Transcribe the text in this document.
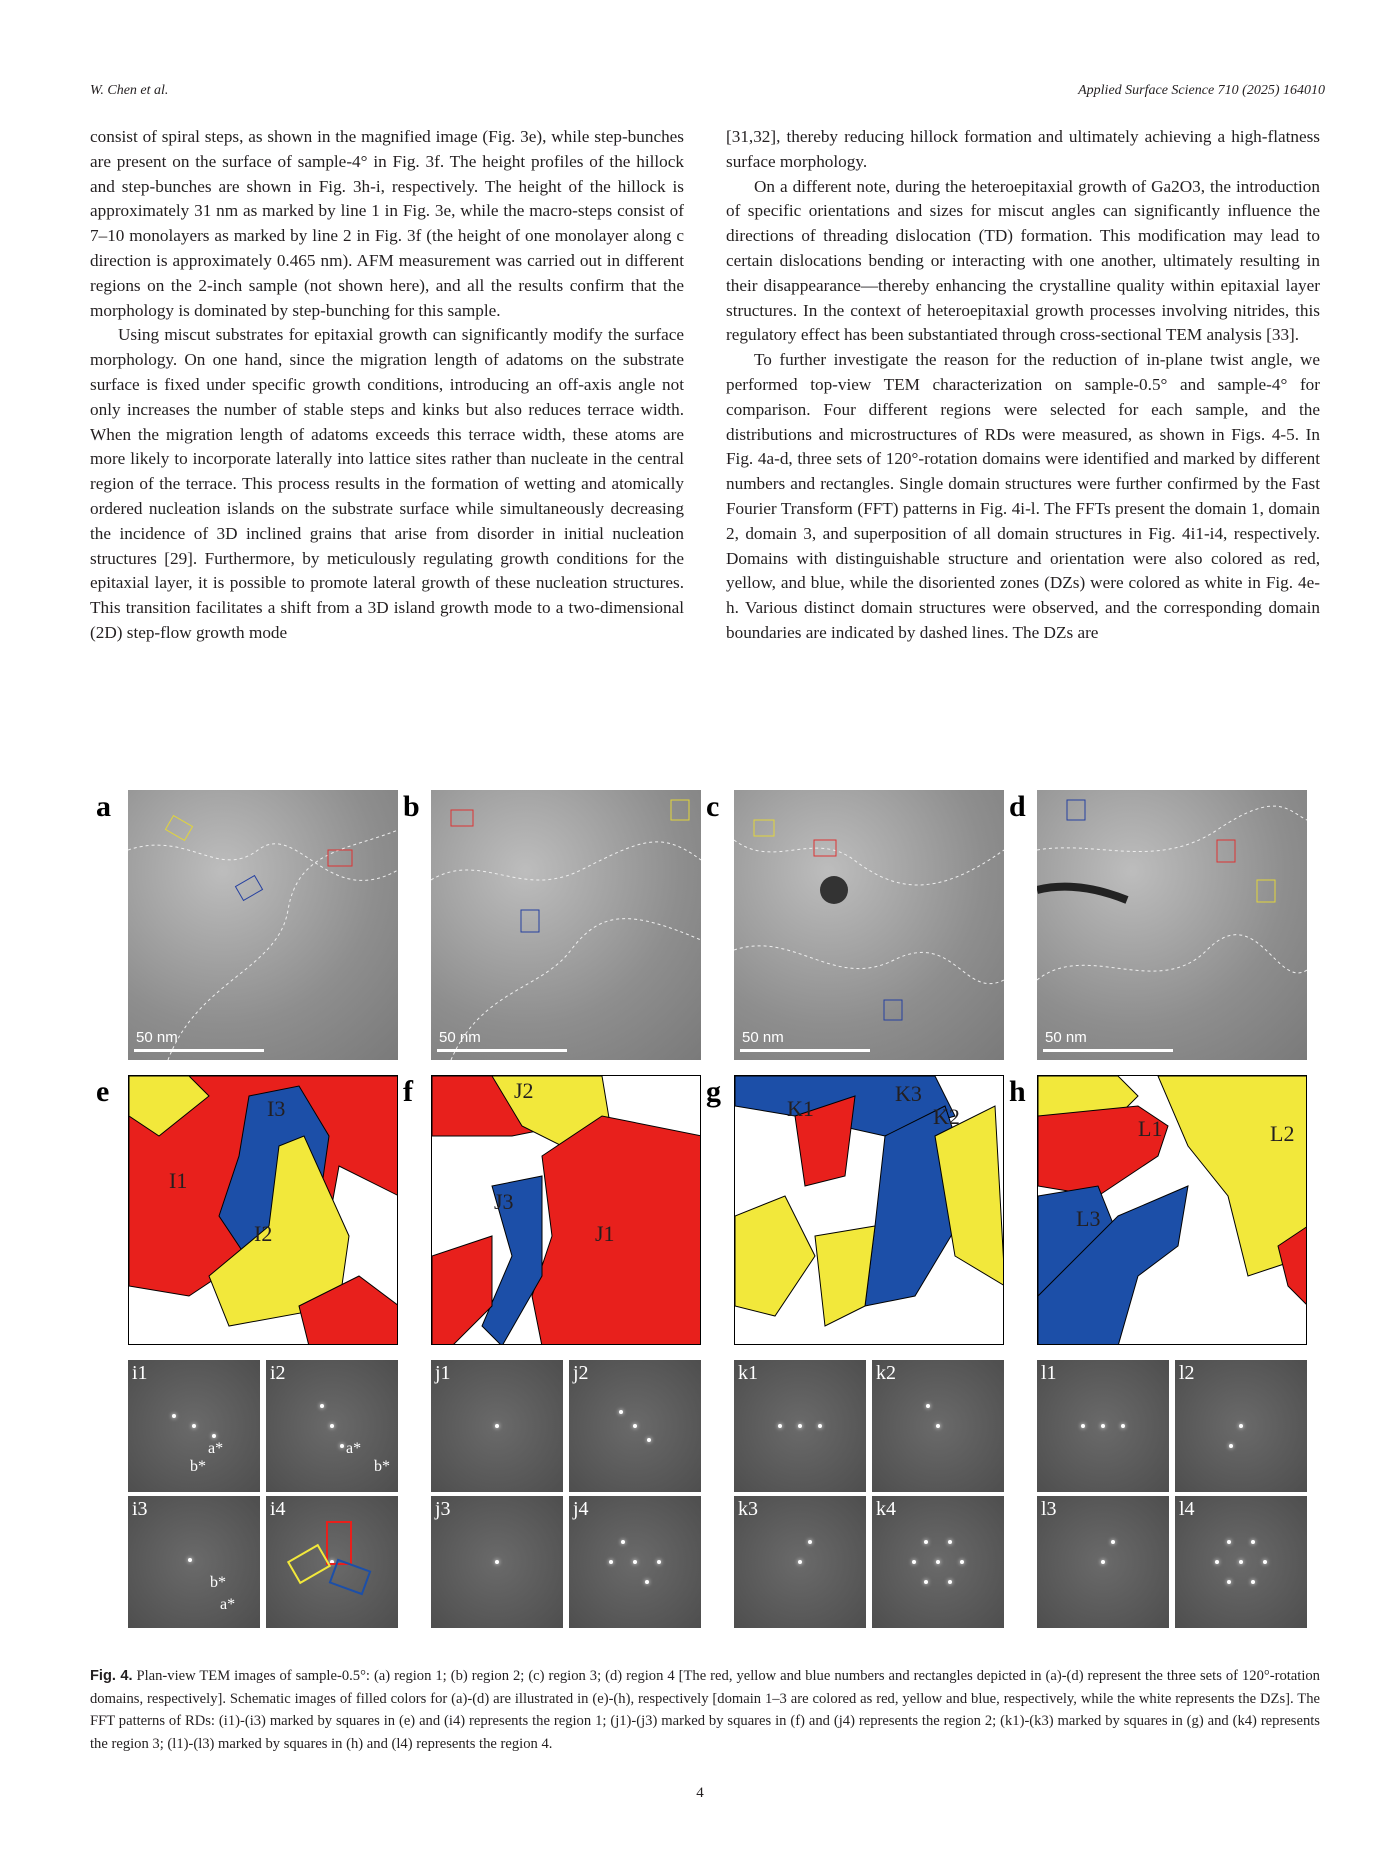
W. Chen et al.	Applied Surface Science 710 (2025) 164010

consist of spiral steps, as shown in the magnified image (Fig. 3e), while step-bunches are present on the surface of sample-4° in Fig. 3f. The height profiles of the hillock and step-bunches are shown in Fig. 3h-i, respectively. The height of the hillock is approximately 31 nm as marked by line 1 in Fig. 3e, while the macro-steps consist of 7–10 monolayers as marked by line 2 in Fig. 3f (the height of one monolayer along c direction is approximately 0.465 nm). AFM measurement was carried out in different regions on the 2-inch sample (not shown here), and all the results confirm that the morphology is dominated by step-bunching for this sample.

Using miscut substrates for epitaxial growth can significantly modify the surface morphology. On one hand, since the migration length of adatoms on the substrate surface is fixed under specific growth conditions, introducing an off-axis angle not only increases the number of stable steps and kinks but also reduces terrace width. When the migration length of adatoms exceeds this terrace width, these atoms are more likely to incorporate laterally into lattice sites rather than nucleate in the central region of the terrace. This process results in the formation of wetting and atomically ordered nucleation islands on the substrate surface while simultaneously decreasing the incidence of 3D inclined grains that arise from disorder in initial nucleation structures [29]. Furthermore, by meticulously regulating growth conditions for the epitaxial layer, it is possible to promote lateral growth of these nucleation structures. This transition facilitates a shift from a 3D island growth mode to a two-dimensional (2D) step-flow growth mode

[31,32], thereby reducing hillock formation and ultimately achieving a high-flatness surface morphology.

On a different note, during the heteroepitaxial growth of Ga2O3, the introduction of specific orientations and sizes for miscut angles can significantly influence the directions of threading dislocation (TD) formation. This modification may lead to certain dislocations bending or interacting with one another, ultimately resulting in their disappearance—thereby enhancing the crystalline quality within epitaxial layer structures. In the context of heteroepitaxial growth processes involving nitrides, this regulatory effect has been substantiated through cross-sectional TEM analysis [33].

To further investigate the reason for the reduction of in-plane twist angle, we performed top-view TEM characterization on sample-0.5° and sample-4° for comparison. Four different regions were selected for each sample, and the distributions and microstructures of RDs were measured, as shown in Figs. 4-5. In Fig. 4a-d, three sets of 120°-rotation domains were identified and marked by different numbers and rectangles. Single domain structures were further confirmed by the Fast Fourier Transform (FFT) patterns in Fig. 4i-l. The FFTs present the domain 1, domain 2, domain 3, and superposition of all domain structures in Fig. 4i1-i4, respectively. Domains with distinguishable structure and orientation were also colored as red, yellow, and blue, while the disoriented zones (DZs) were colored as white in Fig. 4e-h. Various distinct domain structures were observed, and the corresponding domain boundaries are indicated by dashed lines. The DZs are

a
50 nm
b
50 nm
c
50 nm
d
50 nm
e
I3
I1
I2
f	J2
J3
J1
g
K1
K3
K2
h
L1	L2
L3
i1
a*
b*
i2
a*
b*
i3
a*
b*
i4
j1	j2
j3	j4
k1	k2
k3	k4
l1	l2
l3	l4
Fig. 4. Plan-view TEM images of sample-0.5°: (a) region 1; (b) region 2; (c) region 3; (d) region 4 [The red, yellow and blue numbers and rectangles depicted in (a)-(d) represent the three sets of 120°-rotation domains, respectively]. Schematic images of filled colors for (a)-(d) are illustrated in (e)-(h), respectively [domain 1–3 are colored as red, yellow and blue, respectively, while the white represents the DZs]. The FFT patterns of RDs: (i1)-(i3) marked by squares in (e) and (i4) represents the region 1; (j1)-(j3) marked by squares in (f) and (j4) represents the region 2; (k1)-(k3) marked by squares in (g) and (k4) represents the region 3; (l1)-(l3) marked by squares in (h) and (l4) represents the region 4.
4
